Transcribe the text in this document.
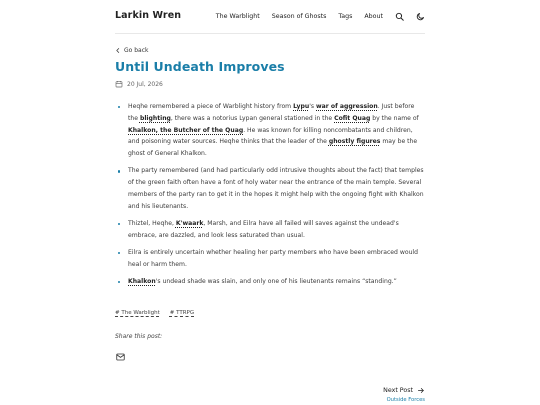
Larkin Wren	The Warblight Season of Ghosts Tags About
Go back
Until Undeath Improves
20 Jul, 2026
Heqhe remembered a piece of Warblight history from Lypu's war of aggression. Just before the blighting, there was a notorius Lypan general stationed in the Cofit Quag by the name of Khalkon, the Butcher of the Quag. He was known for killing noncombatants and children, and poisoning water sources. Heqhe thinks that the leader of the ghostly figures may be the ghost of General Khalkon.
The party remembered (and had particularly odd intrusive thoughts about the fact) that temples of the green faith often have a font of holy water near the entrance of the main temple. Several members of the party ran to get it in the hopes it might help with the ongoing fight with Khalkon and his lieutenants.
Thiztel, Heqhe, K'waark, Marsh, and Eilra have all failed will saves against the undead's embrace, are dazzled, and look less saturated than usual.
Eilra is entirely uncertain whether healing her party members who have been embraced would heal or harm them.
Khalkon's undead shade was slain, and only one of his lieutenants remains “standing.”
# The Warblight # TTRPG
Share this post:
Next Post
Outside Forces
